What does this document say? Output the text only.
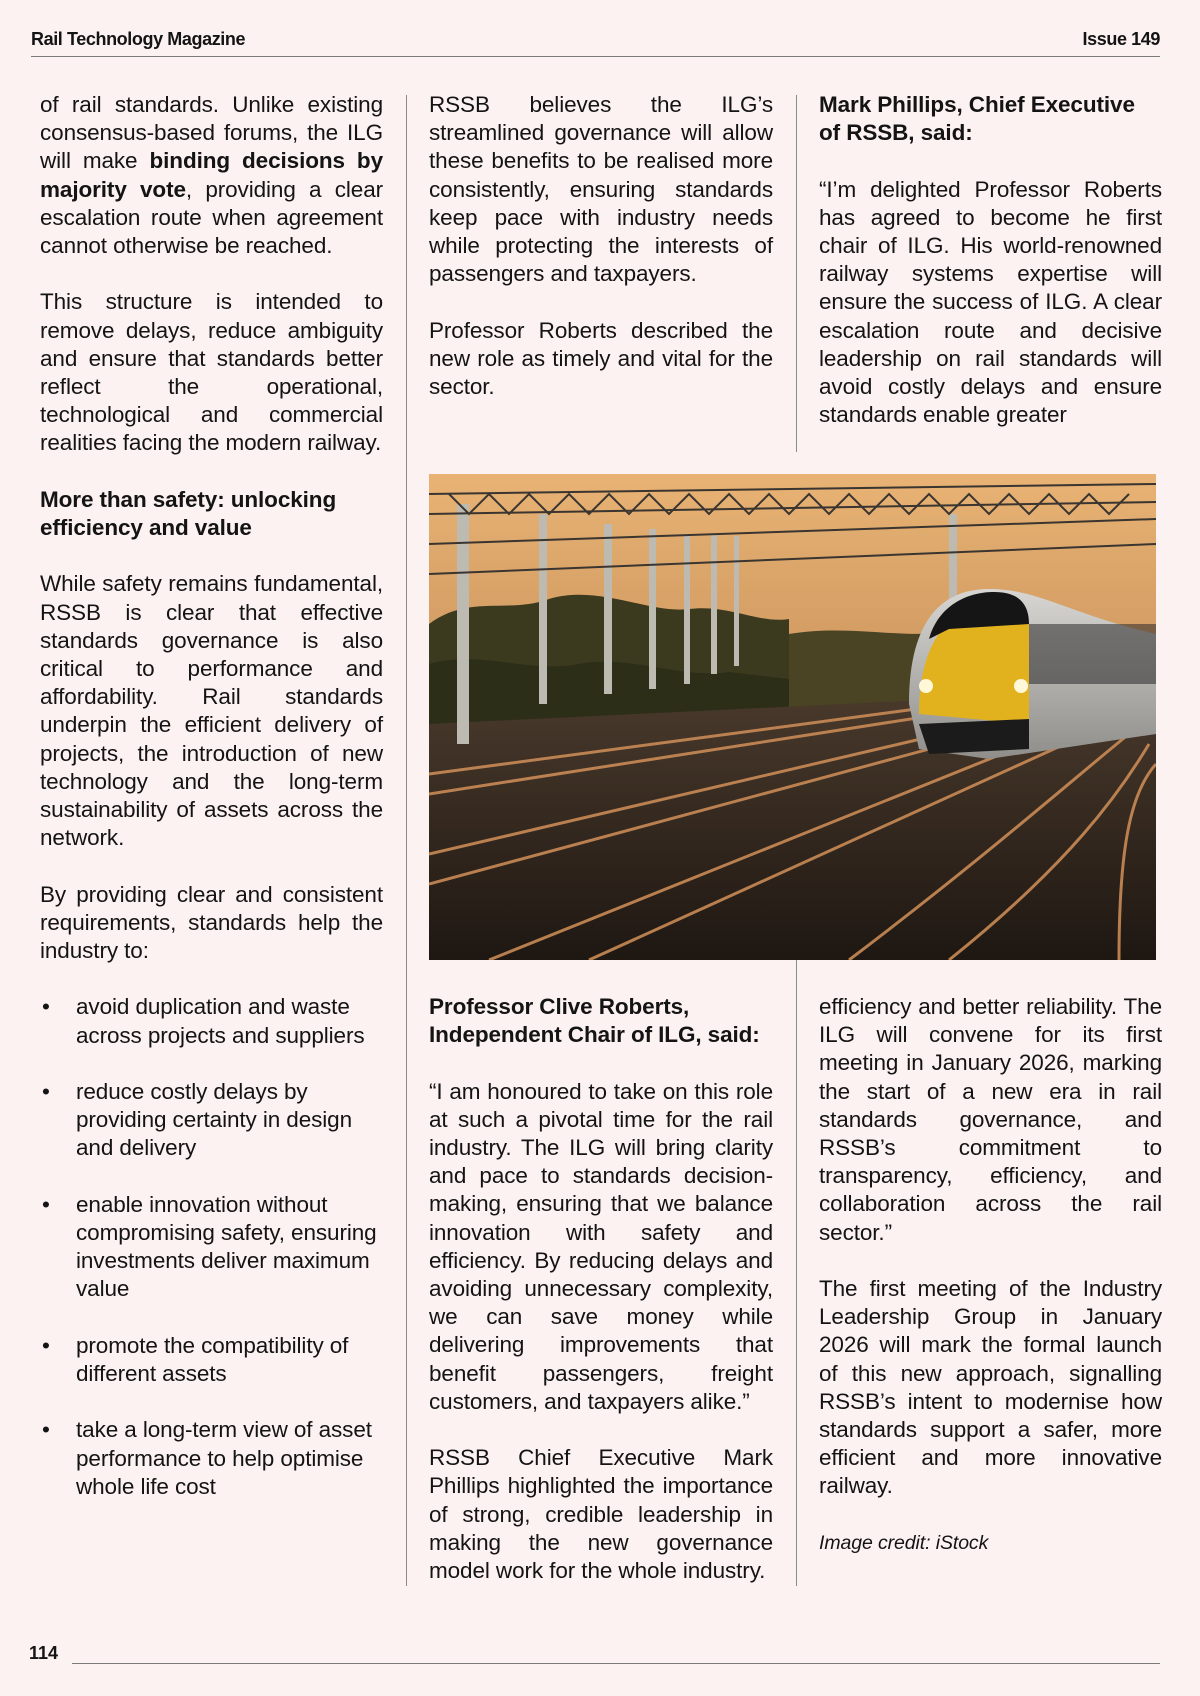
Rail Technology Magazine	Issue 149

of rail standards. Unlike existing consensus-based forums, the ILG will make binding decisions by majority vote, providing a clear escalation route when agreement cannot otherwise be reached.

This structure is intended to remove delays, reduce ambiguity and ensure that standards better reflect the operational, technological and commercial realities facing the modern railway.

More than safety: unlocking efficiency and value

While safety remains fundamental, RSSB is clear that effective standards governance is also critical to performance and affordability. Rail standards underpin the efficient delivery of projects, the introduction of new technology and the long-term sustainability of assets across the network.

By providing clear and consistent requirements, standards help the industry to:

• avoid duplication and waste across projects and suppliers
• reduce costly delays by providing certainty in design and delivery
• enable innovation without compromising safety, ensuring investments deliver maximum value
• promote the compatibility of different assets
• take a long-term view of asset performance to help optimise whole life cost

RSSB believes the ILG’s streamlined governance will allow these benefits to be realised more consistently, ensuring standards keep pace with industry needs while protecting the interests of passengers and taxpayers.

Professor Roberts described the new role as timely and vital for the sector.

Mark Phillips, Chief Executive of RSSB, said:

“I’m delighted Professor Roberts has agreed to become he first chair of ILG. His world-renowned railway systems expertise will ensure the success of ILG. A clear escalation route and decisive leadership on rail standards will avoid costly delays and ensure standards enable greater

Professor Clive Roberts, Independent Chair of ILG, said:

“I am honoured to take on this role at such a pivotal time for the rail industry. The ILG will bring clarity and pace to standards decision-making, ensuring that we balance innovation with safety and efficiency. By reducing delays and avoiding unnecessary complexity, we can save money while delivering improvements that benefit passengers, freight customers, and taxpayers alike.”

RSSB Chief Executive Mark Phillips highlighted the importance of strong, credible leadership in making the new governance model work for the whole industry.

efficiency and better reliability. The ILG will convene for its first meeting in January 2026, marking the start of a new era in rail standards governance, and RSSB’s commitment to transparency, efficiency, and collaboration across the rail sector.”

The first meeting of the Industry Leadership Group in January 2026 will mark the formal launch of this new approach, signalling RSSB’s intent to modernise how standards support a safer, more efficient and more innovative railway.

Image credit: iStock

114
